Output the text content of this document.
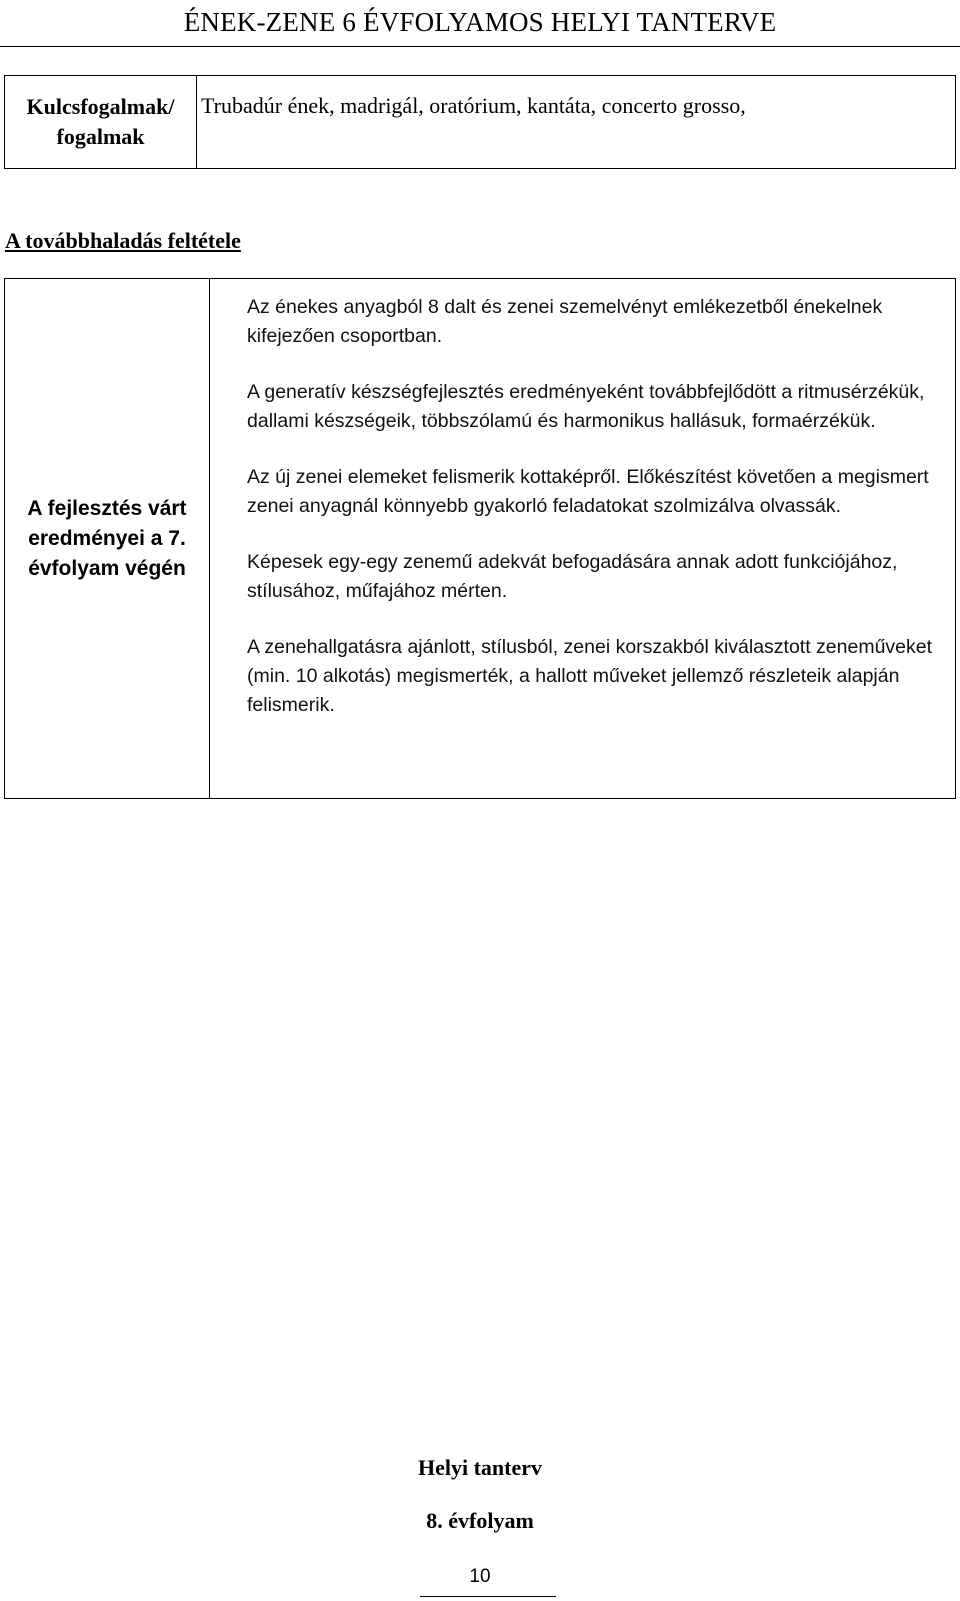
ÉNEK-ZENE 6 ÉVFOLYAMOS HELYI TANTERVE
Kulcsfogalmak/
fogalmak
Trubadúr ének, madrigál, oratórium, kantáta, concerto grosso,
A továbbhaladás feltétele
A fejlesztés várt
eredményei a 7.
évfolyam végén

Az énekes anyagból 8 dalt és zenei szemelvényt emlékezetből énekelnek kifejezően csoportban.

A generatív készségfejlesztés eredményeként továbbfejlődött a ritmusérzékük, dallami készségeik, többszólamú és harmonikus hallásuk, formaérzékük.

Az új zenei elemeket felismerik kottaképről. Előkészítést követően a megismert zenei anyagnál könnyebb gyakorló feladatokat szolmizálva olvassák.

Képesek egy-egy zenemű adekvát befogadására annak adott funkciójához, stílusához, műfajához mérten.

A zenehallgatásra ajánlott, stílusból, zenei korszakból kiválasztott zeneműveket (min. 10 alkotás) megismerték, a hallott műveket jellemző részleteik alapján felismerik.

Helyi tanterv
8. évfolyam
10
